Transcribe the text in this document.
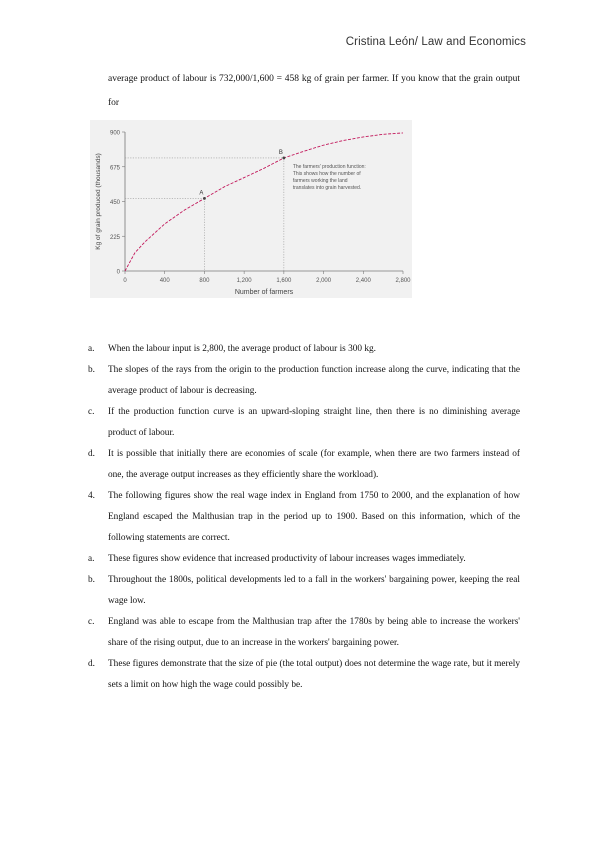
Cristina León/ Law and Economics

average product of labour is 732,000/1,600 = 458 kg of grain per farmer. If you know that the grain output for

0
225
450
675
900
0	400	800	1,200	1,600	2,000	2,400	2,800
Number of farmers
Kg of grain produced (thousands)	A
B
The farmers' production function:
This shows how the number of
farmers working the land
translates into grain harvested.
a.	When the labour input is 2,800, the average product of labour is 300 kg.
b.	The slopes of the rays from the origin to the production function increase along the curve, indicating that the average product of labour is decreasing.
c.	If the production function curve is an upward-sloping straight line, then there is no diminishing average product of labour.
d.	It is possible that initially there are economies of scale (for example, when there are two farmers instead of one, the average output increases as they efficiently share the workload).
4.	The following figures show the real wage index in England from 1750 to 2000, and the explanation of how England escaped the Malthusian trap in the period up to 1900. Based on this information, which of the following statements are correct.
a.	These figures show evidence that increased productivity of labour increases wages immediately.
b.	Throughout the 1800s, political developments led to a fall in the workers' bargaining power, keeping the real wage low.
c.	England was able to escape from the Malthusian trap after the 1780s by being able to increase the workers' share of the rising output, due to an increase in the workers' bargaining power.
d.	These figures demonstrate that the size of pie (the total output) does not determine the wage rate, but it merely sets a limit on how high the wage could possibly be.
